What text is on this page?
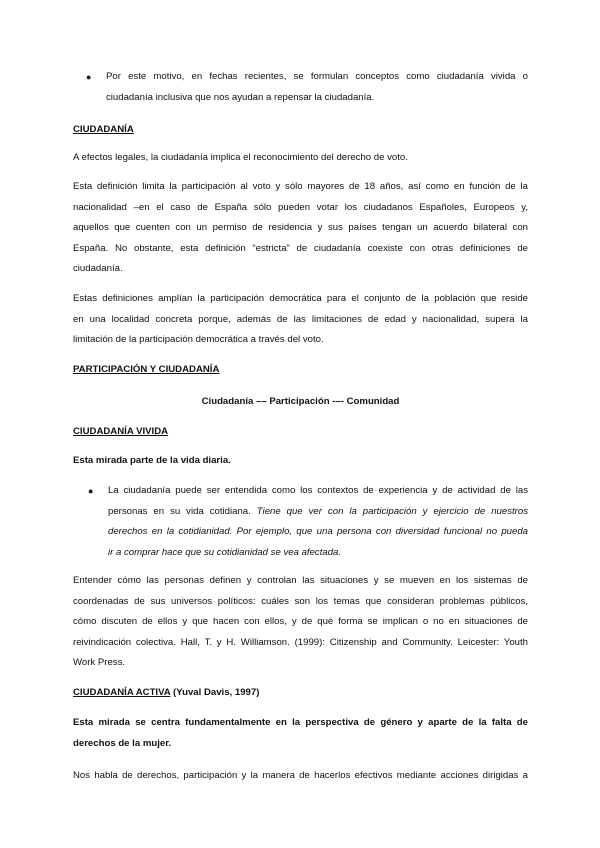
● Por este motivo, en fechas recientes, se formulan conceptos como ciudadanía vivida o
ciudadanía inclusiva que nos ayudan a repensar la ciudadanía.
CIUDADANÍA
A efectos legales, la ciudadanía implica el reconocimiento del derecho de voto.
Esta definición limita la participación al voto y sólo mayores de 18 años, así como en función de la
nacionalidad –en el caso de España sólo pueden votar los ciudadanos Españoles, Europeos y,
aquellos que cuenten con un permiso de residencia y sus países tengan un acuerdo bilateral con
España. No obstante, esta definición “estricta” de ciudadanía coexiste con otras definiciones de
ciudadanía.
Estas definiciones amplían la participación democrática para el conjunto de la población que reside
en una localidad concreta porque, además de las limitaciones de edad y nacionalidad, supera la
limitación de la participación democrática a través del voto.
PARTICIPACIÓN Y CIUDADANÍA
Ciudadanía –– Participación -–- Comunidad
CIUDADANÍA VIVIDA
Esta mirada parte de la vida diaria.
● La ciudadanía puede ser entendida como los contextos de experiencia y de actividad de las
personas en su vida cotidiana. Tiene que ver con la participación y ejercicio de nuestros
derechos en la cotidianidad. Por ejemplo, que una persona con diversidad funcional no pueda
ir a comprar hace que su cotidianidad se vea afectada.
Entender cómo las personas definen y controlan las situaciones y se mueven en los sistemas de
coordenadas de sus universos políticos: cuáles son los temas que consideran problemas públicos,
cómo discuten de ellos y que hacen con ellos, y de qué forma se implican o no en situaciones de
reivindicación colectiva. Hall, T. y H. Williamson. (1999): Citizenship and Community. Leicester: Youth
Work Press.
CIUDADANÍA ACTIVA (Yuval Davis, 1997)
Esta mirada se centra fundamentalmente en la perspectiva de género y aparte de la falta de
derechos de la mujer.
Nos habla de derechos, participación y la manera de hacerlos efectivos mediante acciones dirigidas a
